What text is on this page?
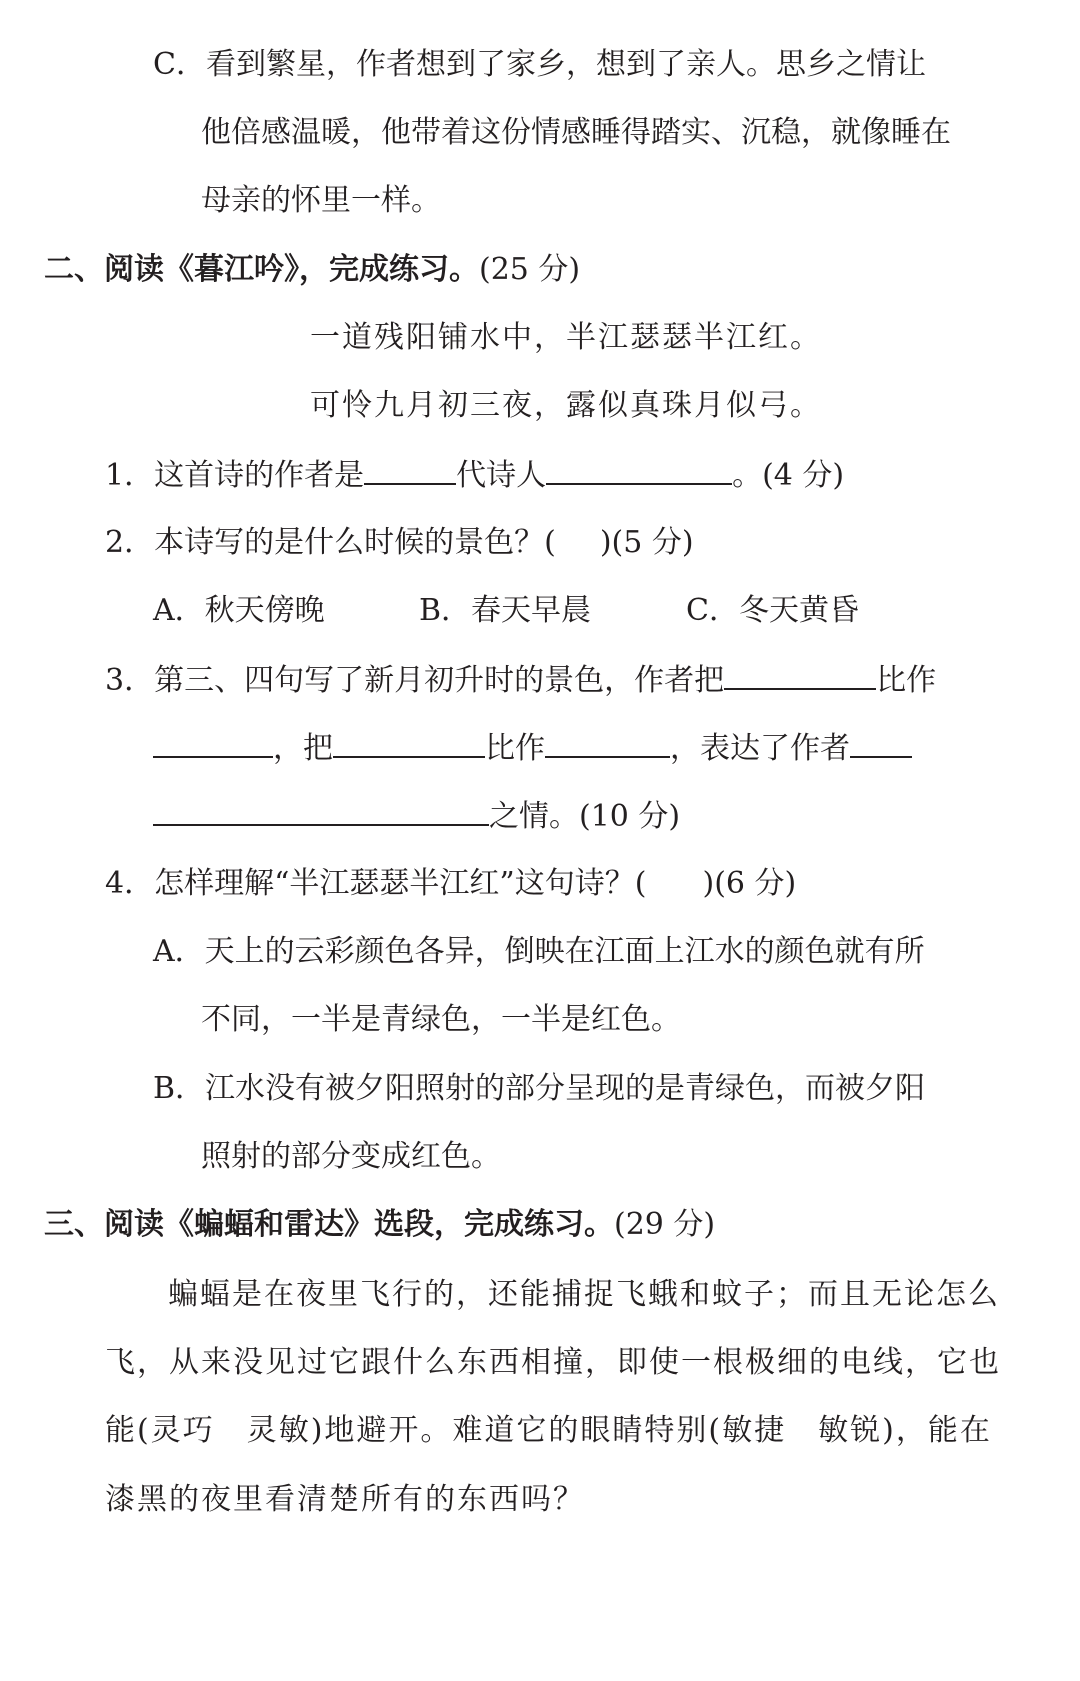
C．看到繁星，作者想到了家乡，想到了亲人。思乡之情让
他倍感温暖，他带着这份情感睡得踏实、沉稳，就像睡在
母亲的怀里一样。
二、阅读《暮江吟》，完成练习。(25 分)
一道残阳铺水中，半江瑟瑟半江红。
可怜九月初三夜，露似真珠月似弓。
1．这首诗的作者是	代诗人	。(4 分)
2．本诗写的是什么时候的景色？( )(5 分)
A．秋天傍晚	B．春天早晨	C．冬天黄昏
3．第三、四句写了新月初升时的景色，作者把	比作
，把	比作	，表达了作者
之情。(10 分)
4．怎样理解“半江瑟瑟半江红”这句诗？( )(6 分)
A．天上的云彩颜色各异，倒映在江面上江水的颜色就有所
不同，一半是青绿色，一半是红色。
B．江水没有被夕阳照射的部分呈现的是青绿色，而被夕阳
照射的部分变成红色。
三、阅读《蝙蝠和雷达》选段，完成练习。(29 分)
蝙蝠是在夜里飞行的，还能捕捉飞蛾和蚊子；而且无论怎么
飞，从来没见过它跟什么东西相撞，即使一根极细的电线，它也
能(灵巧　灵敏)地避开。难道它的眼睛特别(敏捷　敏锐)，能在
漆黑的夜里看清楚所有的东西吗？
